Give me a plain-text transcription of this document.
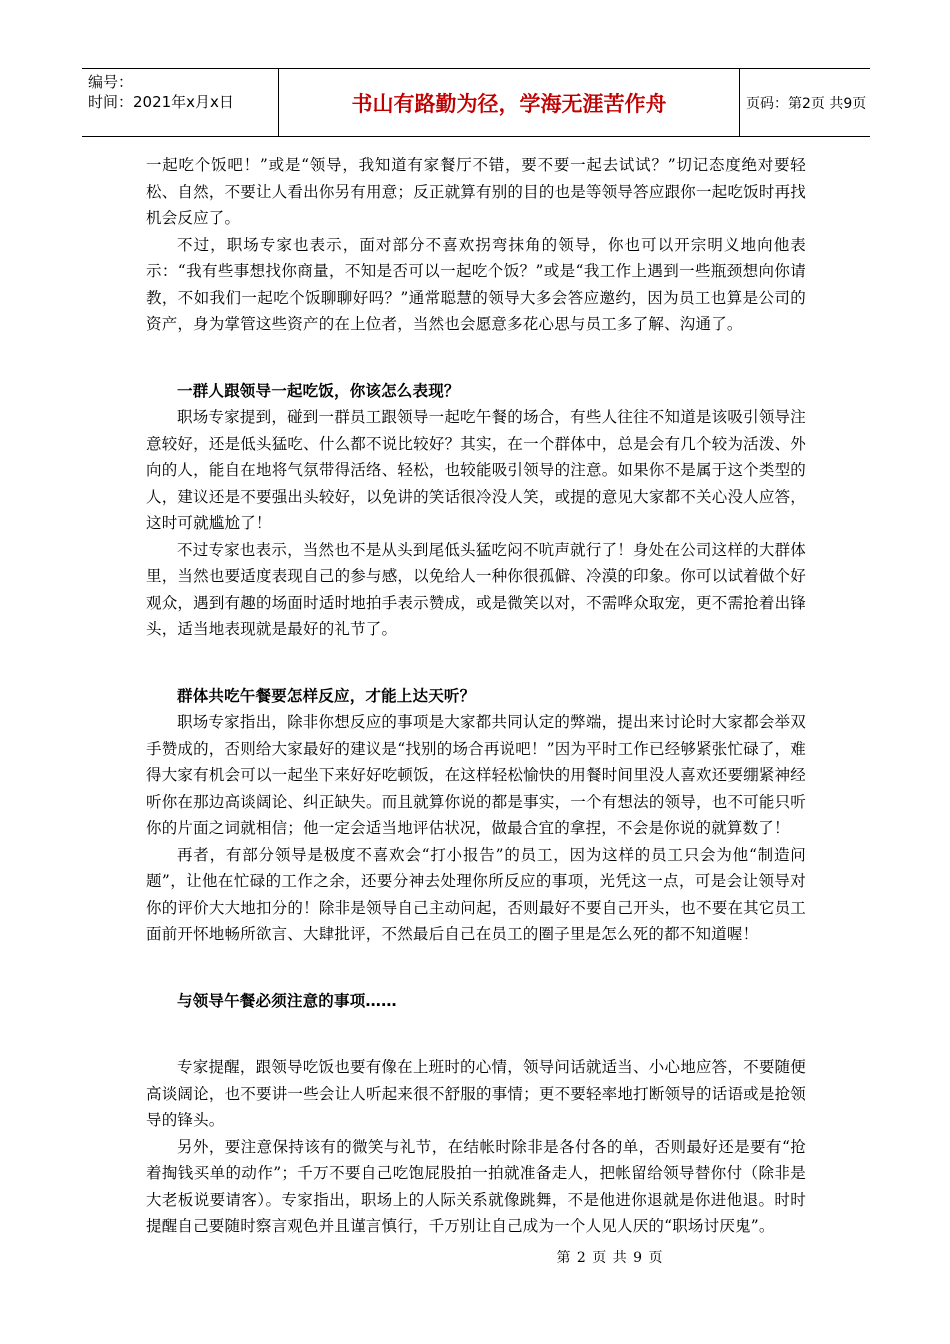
编号：
时间：2021年x月x日	书山有路勤为径，学海无涯苦作舟	页码：第2页 共9页

一起吃个饭吧！”或是“领导，我知道有家餐厅不错，要不要一起去试试？”切记态度绝对要轻松、自然，不要让人看出你另有用意；反正就算有别的目的也是等领导答应跟你一起吃饭时再找机会反应了。

不过，职场专家也表示，面对部分不喜欢拐弯抹角的领导，你也可以开宗明义地向他表示：“我有些事想找你商量，不知是否可以一起吃个饭？”或是“我工作上遇到一些瓶颈想向你请教，不如我们一起吃个饭聊聊好吗？”通常聪慧的领导大多会答应邀约，因为员工也算是公司的资产，身为掌管这些资产的在上位者，当然也会愿意多花心思与员工多了解、沟通了。

一群人跟领导一起吃饭，你该怎么表现？

职场专家提到，碰到一群员工跟领导一起吃午餐的场合，有些人往往不知道是该吸引领导注意较好，还是低头猛吃、什么都不说比较好？其实，在一个群体中，总是会有几个较为活泼、外向的人，能自在地将气氛带得活络、轻松，也较能吸引领导的注意。如果你不是属于这个类型的人，建议还是不要强出头较好，以免讲的笑话很冷没人笑，或提的意见大家都不关心没人应答，这时可就尴尬了！

不过专家也表示，当然也不是从头到尾低头猛吃闷不吭声就行了！身处在公司这样的大群体里，当然也要适度表现自己的参与感，以免给人一种你很孤僻、冷漠的印象。你可以试着做个好观众，遇到有趣的场面时适时地拍手表示赞成，或是微笑以对，不需哗众取宠，更不需抢着出锋头，适当地表现就是最好的礼节了。

群体共吃午餐要怎样反应，才能上达天听？

职场专家指出，除非你想反应的事项是大家都共同认定的弊端，提出来讨论时大家都会举双手赞成的，否则给大家最好的建议是“找别的场合再说吧！”因为平时工作已经够紧张忙碌了，难得大家有机会可以一起坐下来好好吃顿饭，在这样轻松愉快的用餐时间里没人喜欢还要绷紧神经听你在那边高谈阔论、纠正缺失。而且就算你说的都是事实，一个有想法的领导，也不可能只听你的片面之词就相信；他一定会适当地评估状况，做最合宜的拿捏，不会是你说的就算数了！

再者，有部分领导是极度不喜欢会“打小报告”的员工，因为这样的员工只会为他“制造问题”，让他在忙碌的工作之余，还要分神去处理你所反应的事项，光凭这一点，可是会让领导对你的评价大大地扣分的！除非是领导自己主动问起，否则最好不要自己开头，也不要在其它员工面前开怀地畅所欲言、大肆批评，不然最后自己在员工的圈子里是怎么死的都不知道喔！

与领导午餐必须注意的事项……

专家提醒，跟领导吃饭也要有像在上班时的心情，领导问话就适当、小心地应答，不要随便高谈阔论，也不要讲一些会让人听起来很不舒服的事情；更不要轻率地打断领导的话语或是抢领导的锋头。

另外，要注意保持该有的微笑与礼节，在结帐时除非是各付各的单，否则最好还是要有“抢着掏钱买单的动作”；千万不要自己吃饱屁股拍一拍就准备走人，把帐留给领导替你付（除非是大老板说要请客）。专家指出，职场上的人际关系就像跳舞，不是他进你退就是你进他退。时时提醒自己要随时察言观色并且谨言慎行，千万别让自己成为一个人见人厌的“职场讨厌鬼”。

第 2 页 共 9 页
